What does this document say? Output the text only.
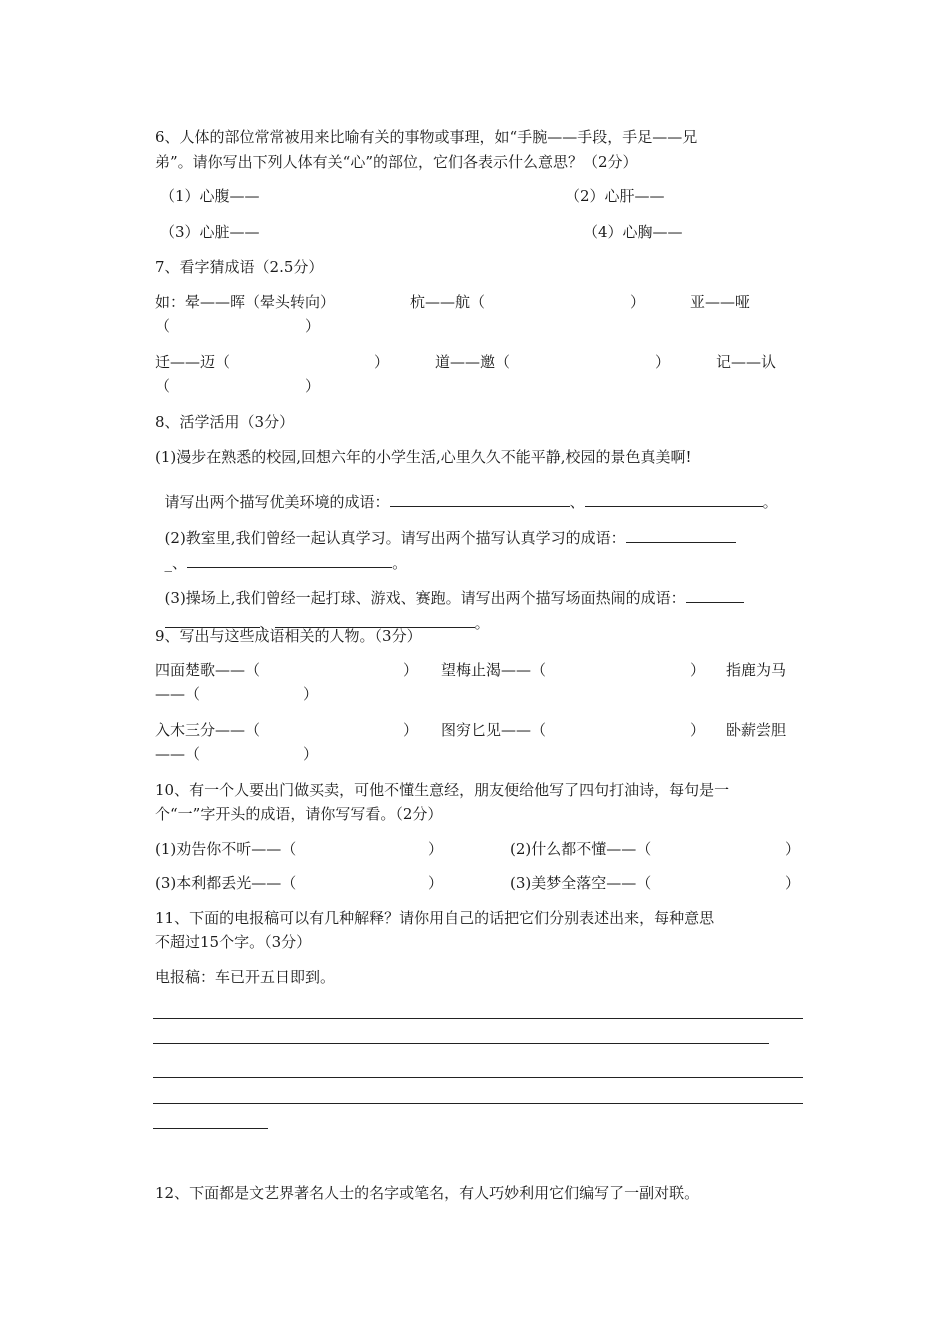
6、人体的部位常常被用来比喻有关的事物或事理，如“手腕——手段，手足——兄
弟”。请你写出下列人体有关“心”的部位，它们各表示什么意思？（2分）
（1）心腹——	（2）心肝——
（3）心脏——	（4）心胸——
7、看字猜成语（2.5分）
如：晕——晖（晕头转向）	杭——航（	）	亚——哑
（	）
迁——迈（	）	道——邀（	）	记——认
（	）
8、活学活用（3分）
(1)漫步在熟悉的校园,回想六年的小学生活,心里久久不能平静,校园的景色真美啊!

请写出两个描写优美环境的成语：	、	。

(2)教室里,我们曾经一起认真学习。请写出两个描写认真学习的成语：

_、	。

(3)操场上,我们曾经一起打球、游戏、赛跑。请写出两个描写场面热闹的成语：

、	。

9、写出与这些成语相关的人物。（3分）
四面楚歌——（	） 望梅止渴——（	） 指鹿为马
——（	）
入木三分——（	） 图穷匕见——（	） 卧薪尝胆
——（	）
10、有一个人要出门做买卖，可他不懂生意经，朋友便给他写了四句打油诗，每句是一
个“一”字开头的成语，请你写写看。（2分）
(1)劝告你不听——（	）	(2)什么都不懂——（	）
(3)本利都丢光——（	）	(3)美梦全落空——（	）
11、下面的电报稿可以有几种解释？请你用自己的话把它们分别表述出来，每种意思
不超过15个字。（3分）
电报稿：车已开五日即到。
12、下面都是文艺界著名人士的名字或笔名，有人巧妙利用它们编写了一副对联。
